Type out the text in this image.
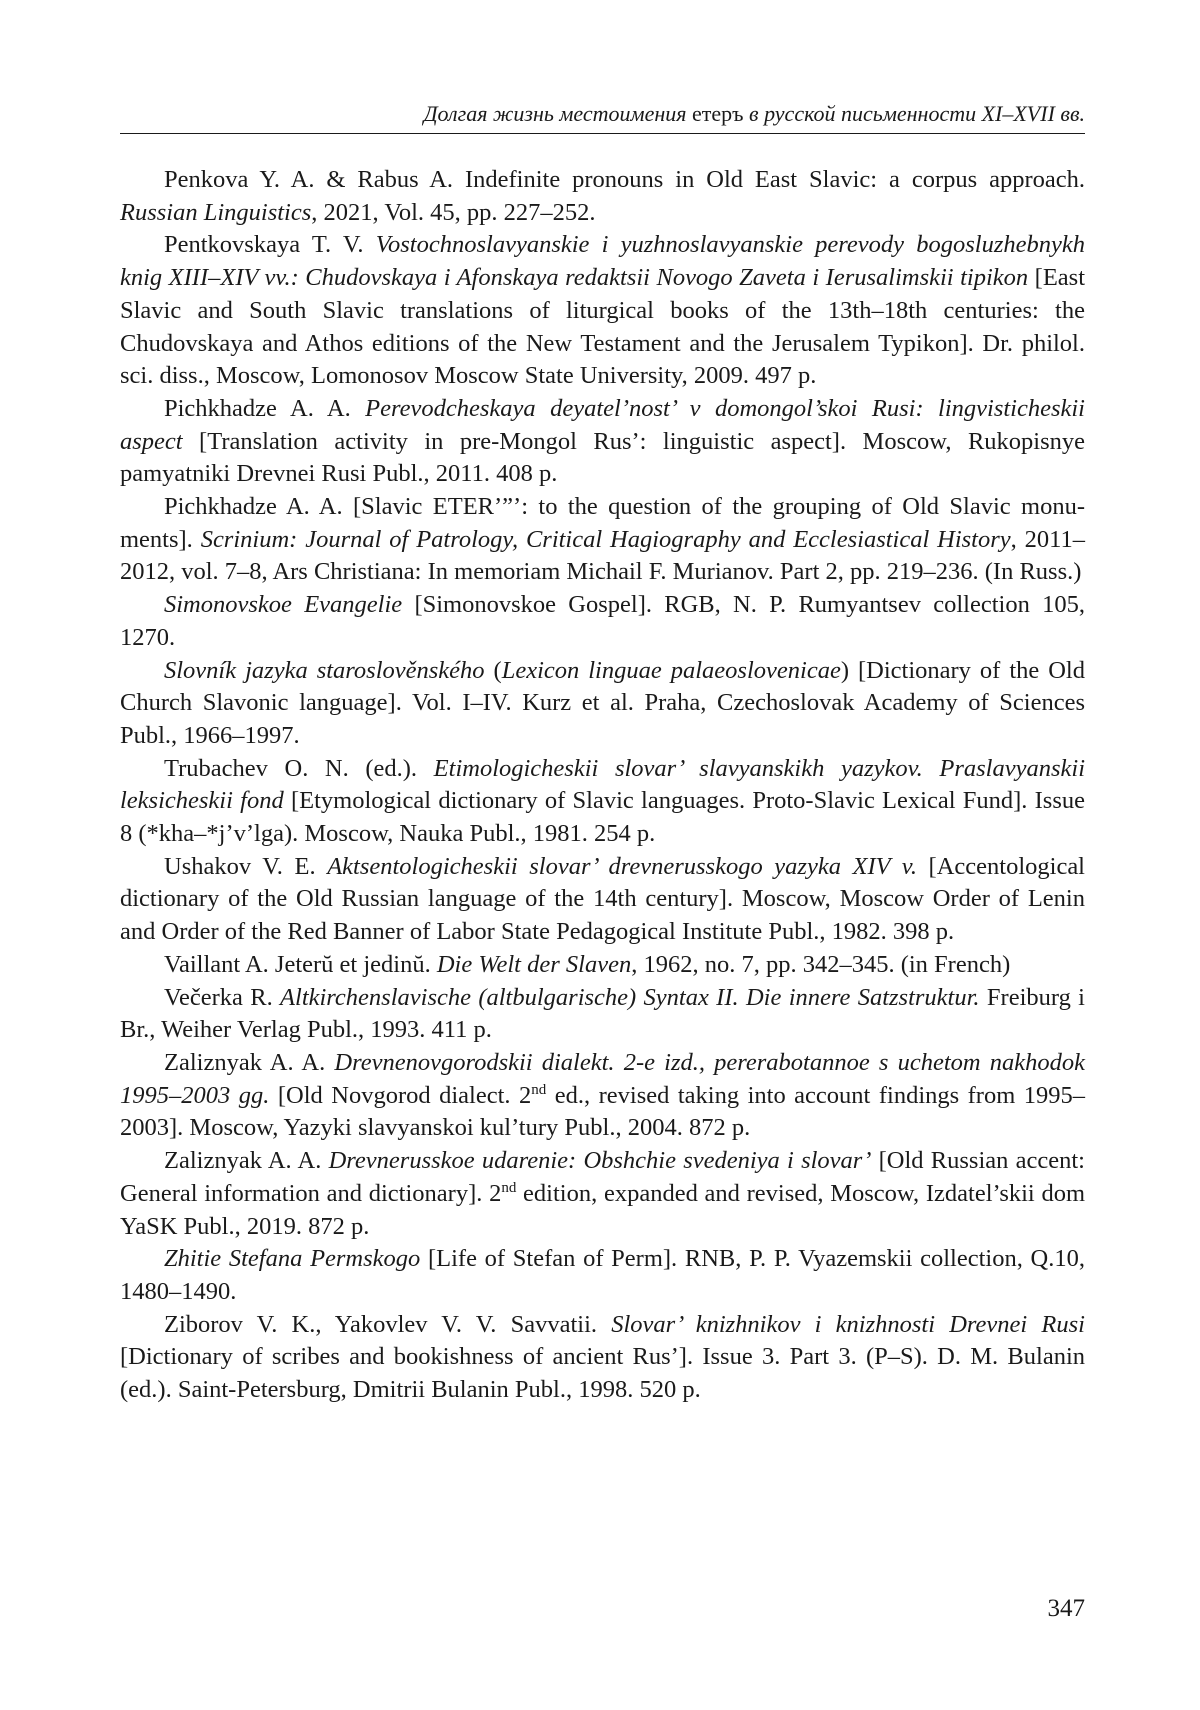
Долгая жизнь местоимения етеръ в русской письменности XI–XVII вв.

Penkova Y. A. & Rabus A. Indefinite pronouns in Old East Slavic: a corpus approach. Russian Linguistics, 2021, Vol. 45, pp. 227–252.

Pentkovskaya T. V. Vostochnoslavyanskie i yuzhnoslavyanskie perevody bogosluzhebnykh knig XIII–XIV vv.: Chudovskaya i Afonskaya redaktsii Novogo Zaveta i Ierusalimskii tipikon [East Slavic and South Slavic translations of liturgical books of the 13th–18th centuries: the Chudovskaya and Athos editions of the New Testament and the Jerusalem Typikon]. Dr. philol. sci. diss., Moscow, Lomonosov Moscow State University, 2009. 497 p.

Pichkhadze A. A. Perevodcheskaya deyatel’nost’ v domongol’skoi Rusi: lingvisticheskii aspect [Translation activity in pre-Mongol Rus’: linguistic aspect]. Moscow, Rukopisnye pamyatniki Drevnei Rusi Publ., 2011. 408 p.

Pichkhadze A. A. [Slavic ETER’”’: to the question of the grouping of Old Slavic monuments]. Scrinium: Journal of Patrology, Critical Hagiography and Ecclesiastical History, 2011–2012, vol. 7–8, Ars Christiana: In memoriam Michail F. Murianov. Part 2, pp. 219–236. (In Russ.)

Simonovskoe Evangelie [Simonovskoe Gospel]. RGB, N. P. Rumyantsev collection 105, 1270.

Slovník jazyka staroslověnského (Lexicon linguae palaeoslovenicae) [Dictionary of the Old Church Slavonic language]. Vol. I–IV. Kurz et al. Praha, Czechoslovak Academy of Sciences Publ., 1966–1997.

Trubachev O. N. (ed.). Etimologicheskii slovar’ slavyanskikh yazykov. Praslavyanskii leksicheskii fond [Etymological dictionary of Slavic languages. Proto-Slavic Lexical Fund]. Issue 8 (*kha–*j’v’lga). Moscow, Nauka Publ., 1981. 254 p.

Ushakov V. E. Aktsentologicheskii slovar’ drevnerusskogo yazyka XIV v. [Accentological dictionary of the Old Russian language of the 14th century]. Moscow, Moscow Order of Lenin and Order of the Red Banner of Labor State Pedagogical Institute Publ., 1982. 398 p.

Vaillant A. Jeterŭ et jedinŭ. Die Welt der Slaven, 1962, no. 7, pp. 342–345. (in French)

Večerka R. Altkirchenslavische (altbulgarische) Syntax II. Die innere Satzstruktur. Freiburg i Br., Weiher Verlag Publ., 1993. 411 p.

Zaliznyak A. A. Drevnenovgorodskii dialekt. 2-e izd., pererabotannoe s uchetom nakhodok 1995–2003 gg. [Old Novgorod dialect. 2nd ed., revised taking into account findings from 1995–2003]. Moscow, Yazyki slavyanskoi kul’tury Publ., 2004. 872 p.

Zaliznyak A. A. Drevnerusskoe udarenie: Obshchie svedeniya i slovar’ [Old Russian accent: General information and dictionary]. 2nd edition, expanded and revised, Moscow, Izdatel’skii dom YaSK Publ., 2019. 872 p.

Zhitie Stefana Permskogo [Life of Stefan of Perm]. RNB, P. P. Vyazemskii collection, Q.10, 1480–1490.

Ziborov V. K., Yakovlev V. V. Savvatii. Slovar’ knizhnikov i knizhnosti Drevnei Rusi [Dictionary of scribes and bookishness of ancient Rus’]. Issue 3. Part 3. (P–S). D. M. Bulanin (ed.). Saint-Petersburg, Dmitrii Bulanin Publ., 1998. 520 p.

347
